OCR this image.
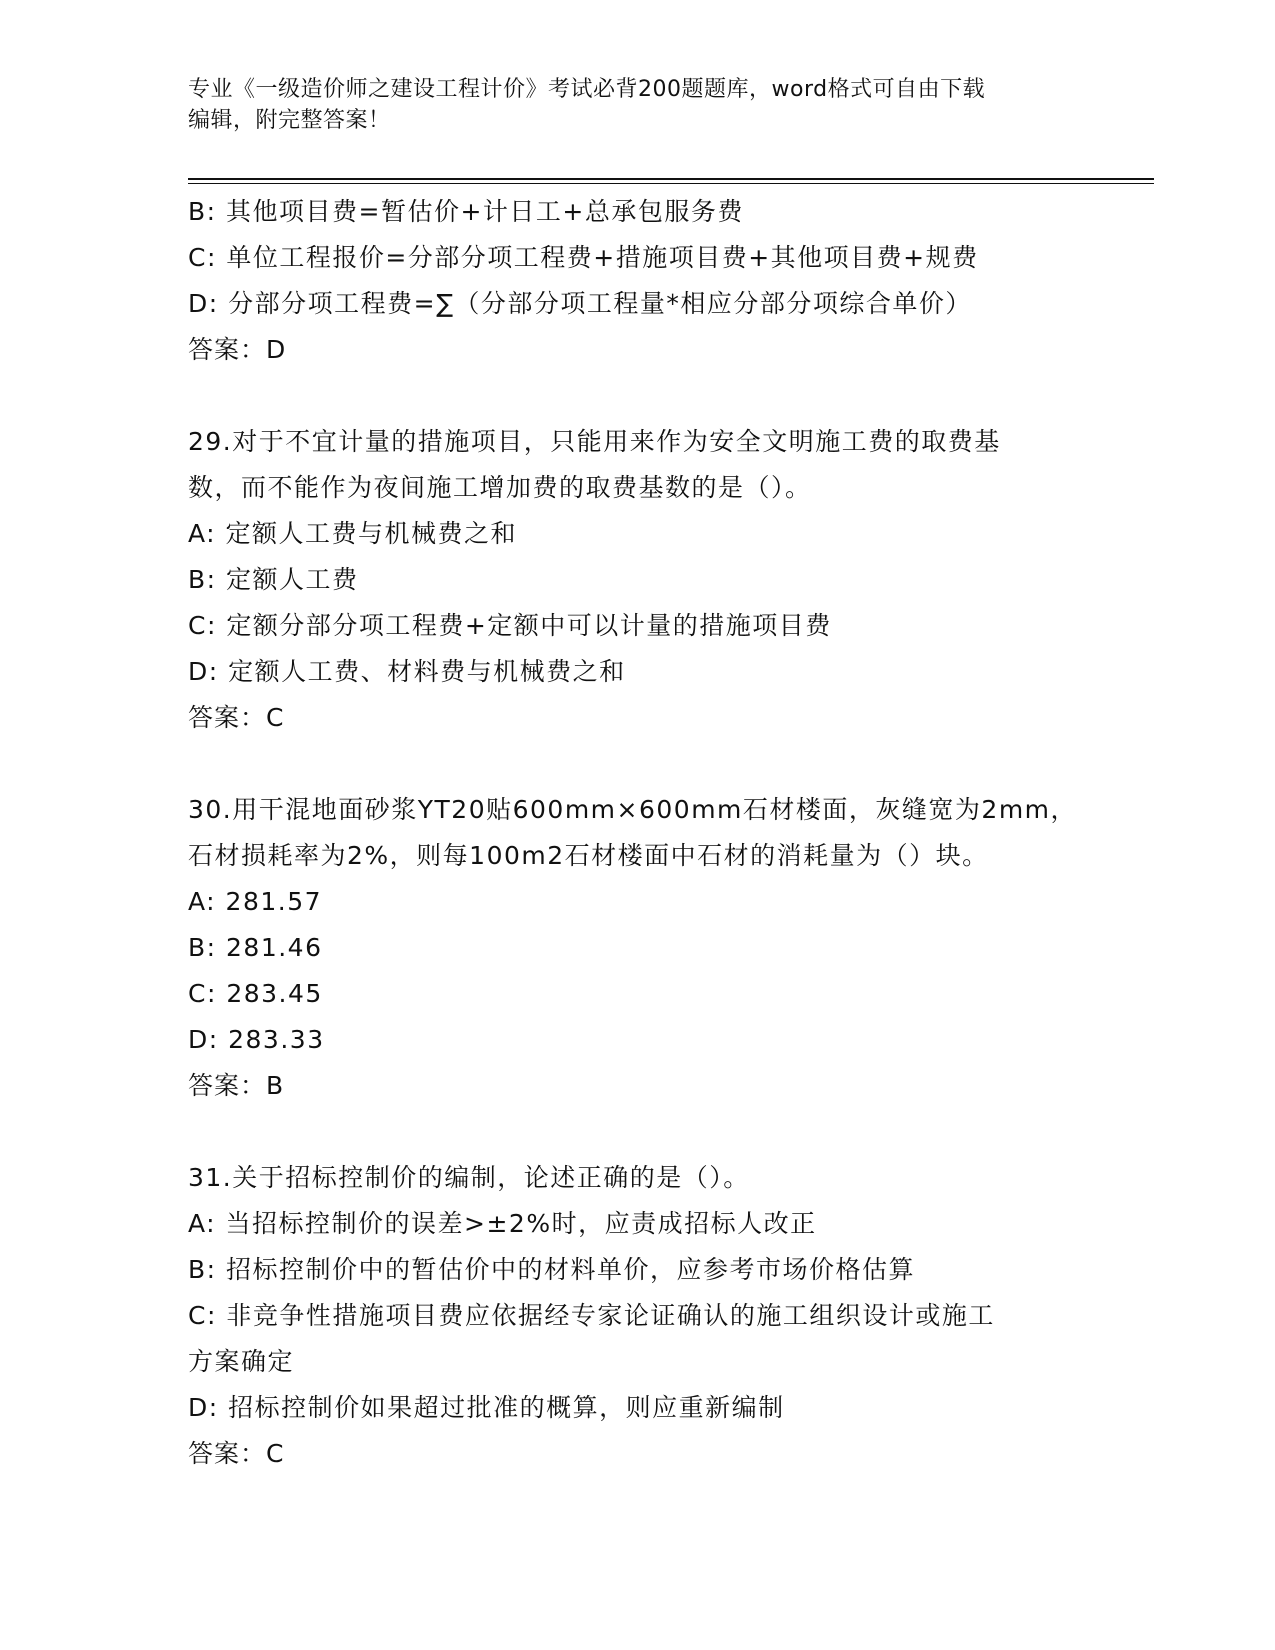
专业《一级造价师之建设工程计价》考试必背200题题库，word格式可自由下载
编辑，附完整答案！
B: 其他项目费=暂估价+计日工+总承包服务费
C: 单位工程报价=分部分项工程费+措施项目费+其他项目费+规费
D: 分部分项工程费=∑（分部分项工程量*相应分部分项综合单价）
答案：D
29.对于不宜计量的措施项目，只能用来作为安全文明施工费的取费基
数，而不能作为夜间施工增加费的取费基数的是（）。
A: 定额人工费与机械费之和
B: 定额人工费
C: 定额分部分项工程费+定额中可以计量的措施项目费
D: 定额人工费、材料费与机械费之和
答案：C
30.用干混地面砂浆YT20贴600mm×600mm石材楼面，灰缝宽为2mm，
石材损耗率为2%，则每100m2石材楼面中石材的消耗量为（）块。
A: 281.57
B: 281.46
C: 283.45
D: 283.33
答案：B
31.关于招标控制价的编制，论述正确的是（）。
A: 当招标控制价的误差>±2%时，应责成招标人改正
B: 招标控制价中的暂估价中的材料单价，应参考市场价格估算
C: 非竞争性措施项目费应依据经专家论证确认的施工组织设计或施工
方案确定
D: 招标控制价如果超过批准的概算，则应重新编制
答案：C
